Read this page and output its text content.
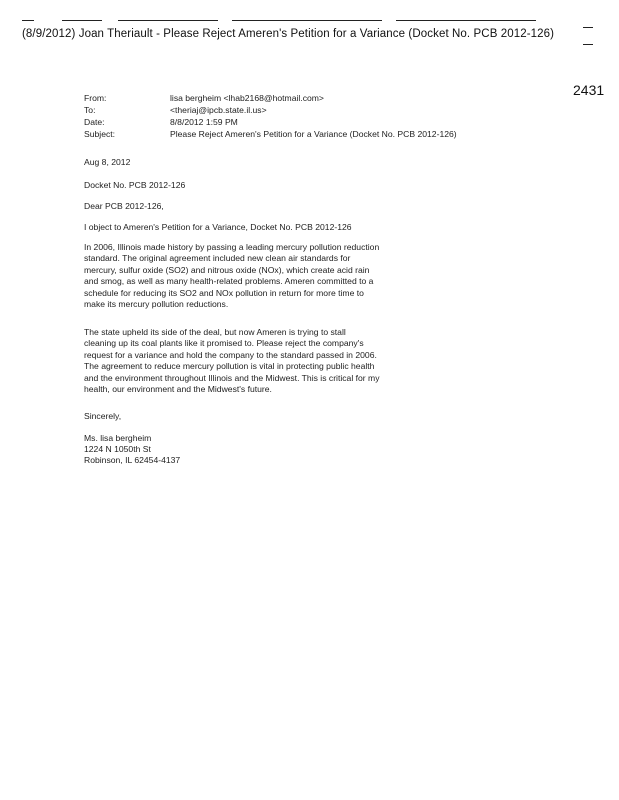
(8/9/2012) Joan Theriault - Please Reject Ameren's Petition for a Variance (Docket No. PCB 2012-126)
2431
From:	lisa bergheim <lhab2168@hotmail.com>
To:	<theriaj@ipcb.state.il.us>
Date:	8/8/2012 1:59 PM
Subject:	Please Reject Ameren's Petition for a Variance (Docket No. PCB 2012-126)
Aug 8, 2012
Docket No. PCB 2012-126
Dear PCB 2012-126,
I object to Ameren's Petition for a Variance, Docket No. PCB 2012-126

In 2006, Illinois made history by passing a leading mercury pollution reduction standard. The original agreement included new clean air standards for mercury, sulfur oxide (SO2) and nitrous oxide (NOx), which create acid rain and smog, as well as many health-related problems. Ameren committed to a schedule for reducing its SO2 and NOx pollution in return for more time to make its mercury pollution reductions.

The state upheld its side of the deal, but now Ameren is trying to stall cleaning up its coal plants like it promised to. Please reject the company's request for a variance and hold the company to the standard passed in 2006. The agreement to reduce mercury pollution is vital in protecting public health and the environment throughout Illinois and the Midwest. This is critical for my health, our environment and the Midwest's future.

Sincerely,
Ms. lisa bergheim
1224 N 1050th St
Robinson, IL 62454-4137
